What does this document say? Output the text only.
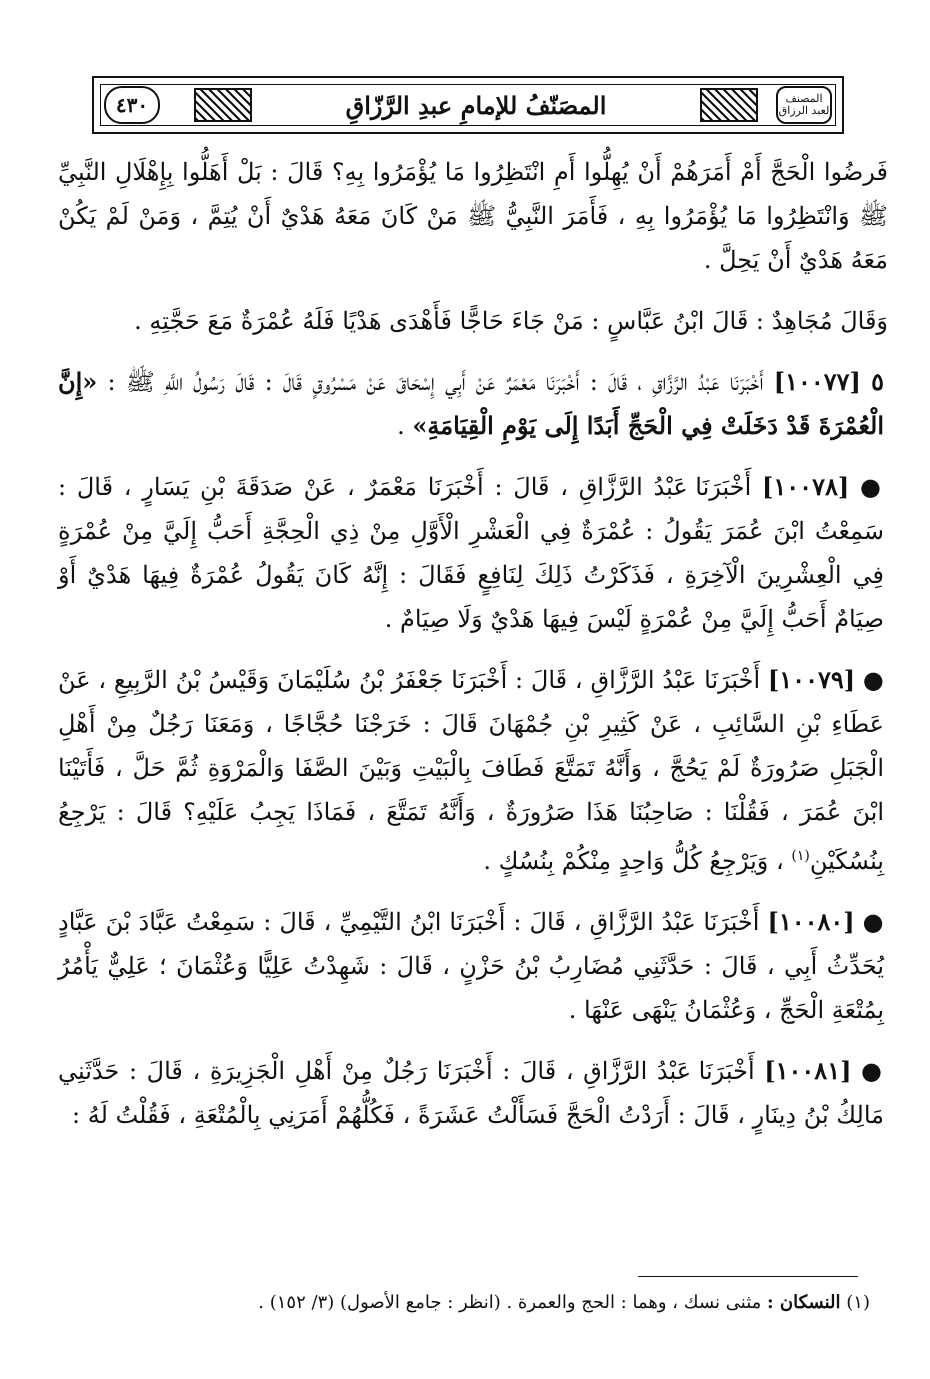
٤٣٠	المصَنّفُ للإمامِ عبدِ الرَّزّاقِ	المصنف لعبد الرزاق

فَرضُوا الْحَجَّ أَمْ أَمَرَهُمْ أَنْ يُهِلُّوا أَمِ انْتَظِرُوا مَا يُؤْمَرُوا بِهِ؟ قَالَ : بَلْ أَهَلُّوا بِإِهْلَالِ النَّبِيِّ ﷺ وَانْتَظِرُوا مَا يُؤْمَرُوا بِهِ ، فَأَمَرَ النَّبِيُّ ﷺ مَنْ كَانَ مَعَهُ هَدْيٌ أَنْ يُتِمَّ ، وَمَنْ لَمْ يَكُنْ مَعَهُ هَدْيٌ أَنْ يَحِلَّ .

وَقَالَ مُجَاهِدٌ : قَالَ ابْنُ عَبَّاسٍ : مَنْ جَاءَ حَاجًّا فَأَهْدَى هَدْيًا فَلَهُ عُمْرَةٌ مَعَ حَجَّتِهِ .

٥ [١٠٠٧٧] أَخْبَرَنَا عَبْدُ الرَّزَّاقِ ، قَالَ : أَخْبَرَنَا مَعْمَرٌ عَنْ أَبِي إِسْحَاقَ عَنْ مَسْرُوقٍ قَالَ : قَالَ رَسُولُ اللَّهِ ﷺ : «إِنَّ الْعُمْرَةَ قَدْ دَخَلَتْ فِي الْحَجِّ أَبَدًا إِلَى يَوْمِ الْقِيَامَةِ» .

● [١٠٠٧٨] أَخْبَرَنَا عَبْدُ الرَّزَّاقِ ، قَالَ : أَخْبَرَنَا مَعْمَرٌ ، عَنْ صَدَقَةَ بْنِ يَسَارٍ ، قَالَ : سَمِعْتُ ابْنَ عُمَرَ يَقُولُ : عُمْرَةٌ فِي الْعَشْرِ الْأَوَّلِ مِنْ ذِي الْحِجَّةِ أَحَبُّ إِلَيَّ مِنْ عُمْرَةٍ فِي الْعِشْرِينَ الْآخِرَةِ ، فَذَكَرْتُ ذَلِكَ لِنَافِعٍ فَقَالَ : إِنَّهُ كَانَ يَقُولُ عُمْرَةٌ فِيهَا هَدْيٌ أَوْ صِيَامٌ أَحَبُّ إِلَيَّ مِنْ عُمْرَةٍ لَيْسَ فِيهَا هَدْيٌ وَلَا صِيَامٌ .

● [١٠٠٧٩] أَخْبَرَنَا عَبْدُ الرَّزَّاقِ ، قَالَ : أَخْبَرَنَا جَعْفَرُ بْنُ سُلَيْمَانَ وَقَيْسُ بْنُ الرَّبِيعِ ، عَنْ عَطَاءِ بْنِ السَّائِبِ ، عَنْ كَثِيرِ بْنِ جُمْهَانَ قَالَ : خَرَجْنَا حُجَّاجًا ، وَمَعَنَا رَجُلٌ مِنْ أَهْلِ الْجَبَلِ صَرُورَةٌ لَمْ يَحُجَّ ، وَأَنَّهُ تَمَتَّعَ فَطَافَ بِالْبَيْتِ وَبَيْنَ الصَّفَا وَالْمَرْوَةِ ثُمَّ حَلَّ ، فَأَتَيْنَا ابْنَ عُمَرَ ، فَقُلْنَا : صَاحِبُنَا هَذَا صَرُورَةٌ ، وَأَنَّهُ تَمَتَّعَ ، فَمَاذَا يَجِبُ عَلَيْهِ؟ قَالَ : يَرْجِعُ بِنُسُكَيْنِ$^{(١)}$ ، وَيَرْجِعُ كُلُّ وَاحِدٍ مِنْكُمْ بِنُسُكٍ .

● [١٠٠٨٠] أَخْبَرَنَا عَبْدُ الرَّزَّاقِ ، قَالَ : أَخْبَرَنَا ابْنُ التَّيْمِيِّ ، قَالَ : سَمِعْتُ عَبَّادَ بْنَ عَبَّادٍ يُحَدِّثُ أَبِي ، قَالَ : حَدَّثَنِي مُضَارِبُ بْنُ حَزْنٍ ، قَالَ : شَهِدْتُ عَلِيًّا وَعُثْمَانَ ؛ عَلِيٌّ يَأْمُرُ بِمُتْعَةِ الْحَجِّ ، وَعُثْمَانُ يَنْهَى عَنْهَا .

● [١٠٠٨١] أَخْبَرَنَا عَبْدُ الرَّزَّاقِ ، قَالَ : أَخْبَرَنَا رَجُلٌ مِنْ أَهْلِ الْجَزِيرَةِ ، قَالَ : حَدَّثَنِي مَالِكُ بْنُ دِينَارٍ ، قَالَ : أَرَدْتُ الْحَجَّ فَسَأَلْتُ عَشَرَةً ، فَكُلُّهُمْ أَمَرَنِي بِالْمُتْعَةِ ، فَقُلْتُ لَهُ :

(١) النسكان : مثنى نسك ، وهما : الحج والعمرة . (انظر : جامع الأصول) (٣/ ١٥٢) .
